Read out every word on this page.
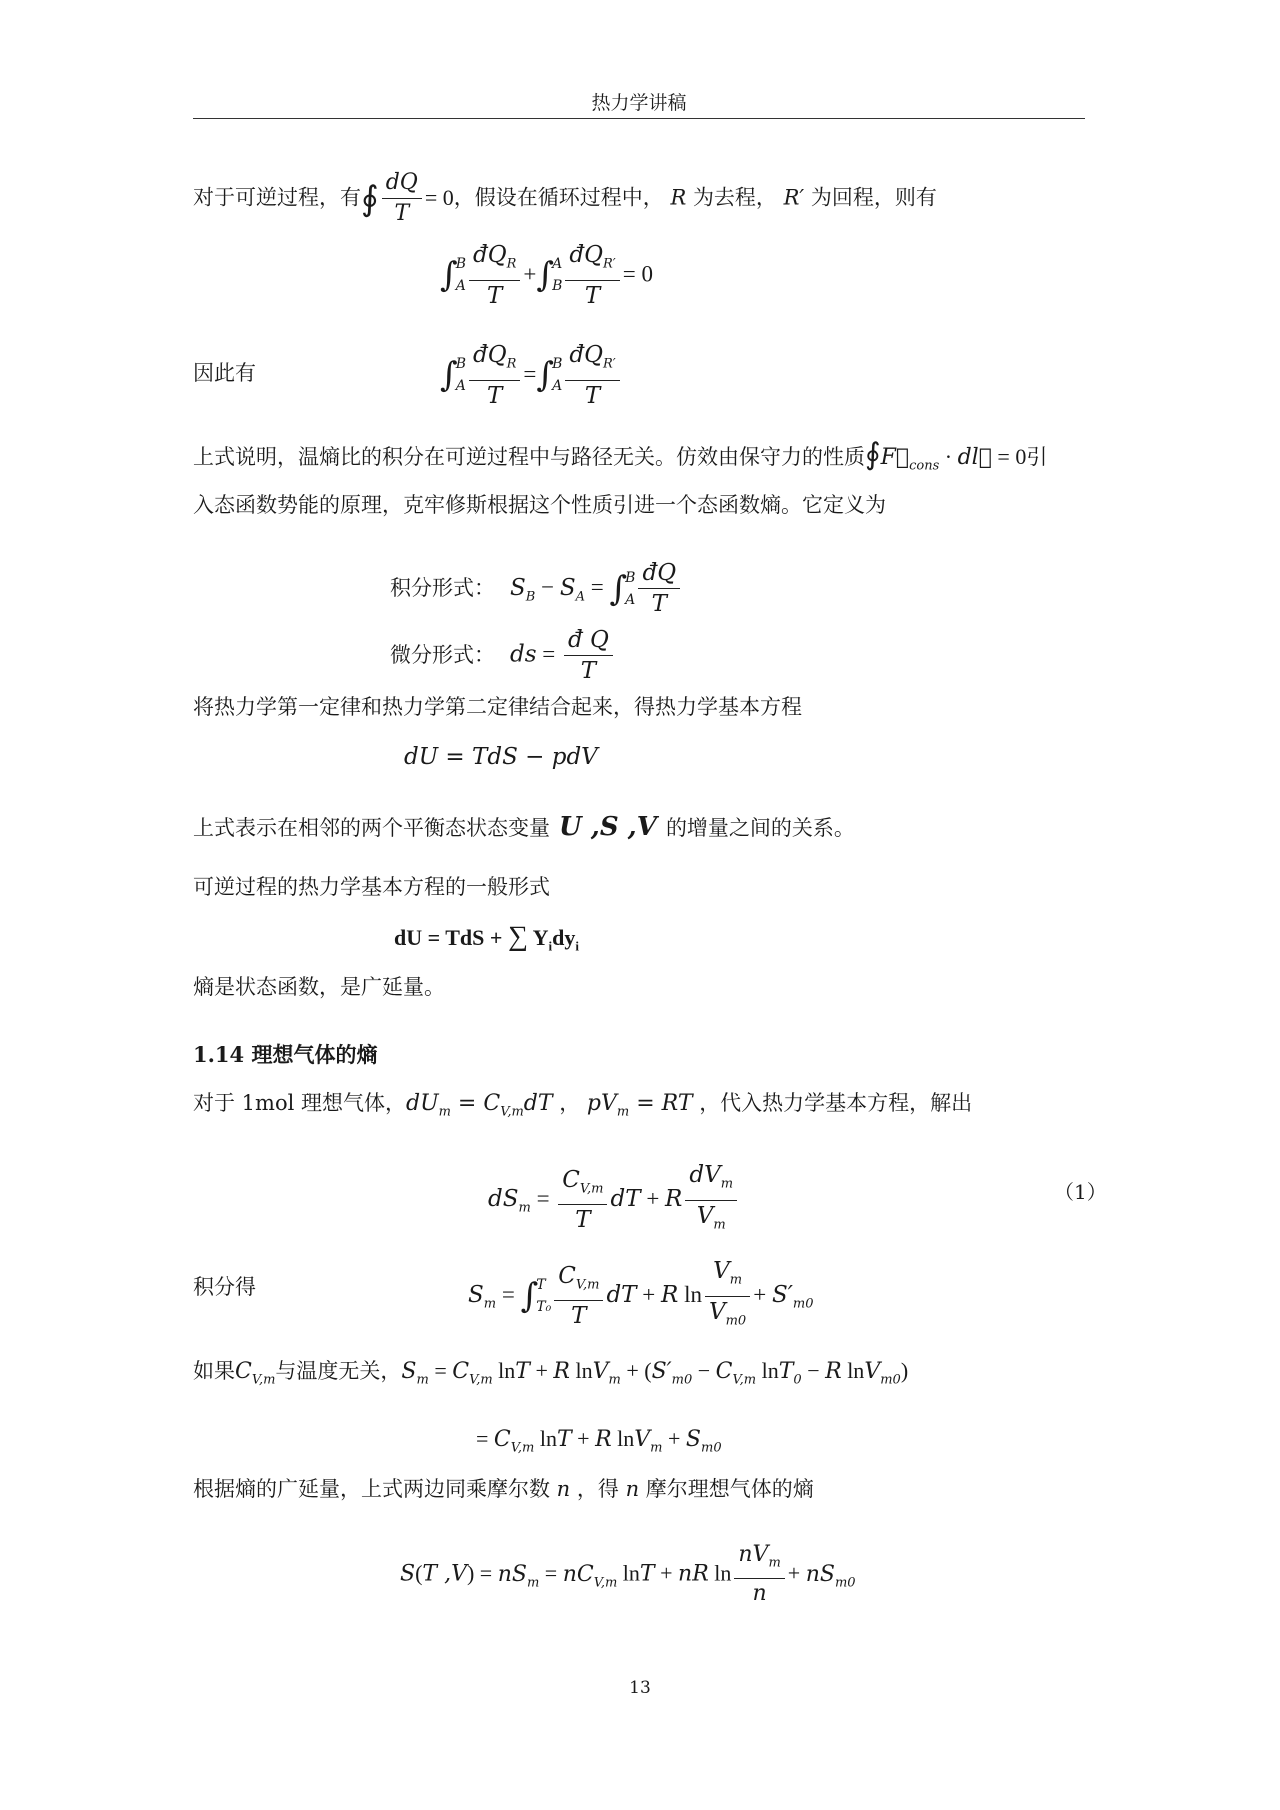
热力学讲稿
对于可逆过程，有∮ $\frac{dQ}{T} = 0$，假设在循环过程中， R 为去程， R′ 为回程，则有
∫
B
A $\frac{đQ_R}{T}$ +∫
A
B $\frac{đQ_{R'}}{T} = 0$
因此有	∫
B
A $\frac{đQ_R}{T}$ =∫
B
A $\frac{đQ_{R'}}{T}$
上式说明，温熵比的积分在可逆过程中与路径无关。仿效由保守力的性质$∮F⃗_{cons}$ · dl⃗ = 0引
入态函数势能的原理，克牢修斯根据这个性质引进一个态函数熵。它定义为
积分形式： $S_B - S_A$ = ∫
B
A $\frac{đQ}{T}$
微分形式： ds = $\frac{\text{đ Q}}{T}$
将热力学第一定律和热力学第二定律结合起来，得热力学基本方程
dU = TdS − pdV
上式表示在相邻的两个平衡态状态变量 U ,S ,V 的增量之间的关系。
可逆过程的热力学基本方程的一般形式
dU = TdS + ∑ $Y_idy_i$
熵是状态函数，是广延量。
1.14 理想气体的熵
对于 1mol 理想气体，$dU_m = C_{V,m}dT$ ， $pV_m$ = RT ，代入热力学基本方程，解出
$dS_m = \frac{C_{V,m}}{T}$ dT + R $\frac{dV_m}{V_m}$	（1）
积分得	$S_m$ = ∫
T
$T_0 \frac{C_{V,m}}{T}$ dT + R $\ln \frac{V_m}{V_{m0}} + S'_{m0}$
如果$C_{V,m}$与温度无关，$S_m = C_{V,m}$ lnT + R $\ln V_m + (S'_{m0} - C_{V,m}$ lnT$_0$ − R lnV$_{m0}$)
= $C_{V,m}$ lnT + R $\ln V_m + S_{m0}$
根据熵的广延量，上式两边同乘摩尔数 n ，得 n 摩尔理想气体的熵
S(T $,V) = nS_m = nC_{V,m}$ lnT + nR $\ln \frac{nV_m}{n} + nS_{m0}$
13
